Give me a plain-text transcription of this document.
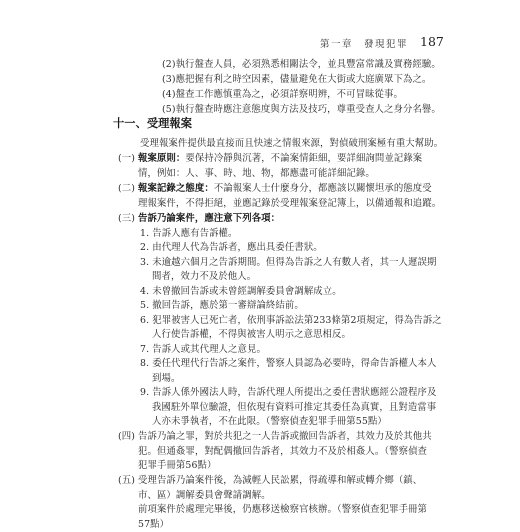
第一章　發現犯罪 187
(2)執行盤查人員，必須熟悉相關法令，並具豐富常識及實務經驗。
(3)應把握有利之時空因素，儘量避免在大街或大庭廣眾下為之。
(4)盤查工作應慎重為之，必須詳察明辨，不可冒昧從事。
(5)執行盤查時應注意態度與方法及技巧，尊重受查人之身分名譽。
受理報案件提供最直接而且快速之情報來源，對偵破刑案極有重大幫助。
(一) 報案原則：要保持冷靜與沉著，不論案情鉅細，要詳細詢問並記錄案
情，例如：人、事、時、地、物，都應盡可能詳細記錄。
(二) 報案記錄之態度：不論報案人士什麼身分，都應該以關懷坦承的態度受
理報案件，不得拒絕，並應記錄於受理報案登記簿上，以備通報和追蹤。
(三) 告訴乃論案件，應注意下列各項：
1. 告訴人應有告訴權。
2. 由代理人代為告訴者，應出具委任書狀。
3. 未逾越六個月之告訴期間。但得為告訴之人有數人者，其一人遲誤期
間者，效力不及於他人。
4. 未曾撤回告訴或未曾經調解委員會調解成立。
5. 撤回告訴，應於第一審辯論終結前。
6. 犯罪被害人已死亡者，依刑事訴訟法第233條第2項規定，得為告訴之
人行使告訴權，不得與被害人明示之意思相反。
7. 告訴人或其代理人之意見。
8. 委任代理代行告訴之案件，警察人員認為必要時，得命告訴權人本人
到場。
9. 告訴人係外國法人時，告訴代理人所提出之委任書狀應經公證程序及
我國駐外單位驗證，但依現有資料可推定其委任為真實，且對造當事
人亦未爭執者，不在此限。（警察偵查犯罪手冊第55點）
(四) 告訴乃論之罪，對於共犯之一人告訴或撤回告訴者，其效力及於其他共
犯。但通姦罪，對配偶撤回告訴者，其效力不及於相姦人。（警察偵查
犯罪手冊第56點）
(五) 受理告訴乃論案件後，為減輕人民訟累，得疏導和解或轉介鄉（鎮、
市、區）調解委員會聲請調解。
前項案件於處理完畢後，仍應移送檢察官核辦。（警察偵查犯罪手冊第
57點）
十一、受理報案
